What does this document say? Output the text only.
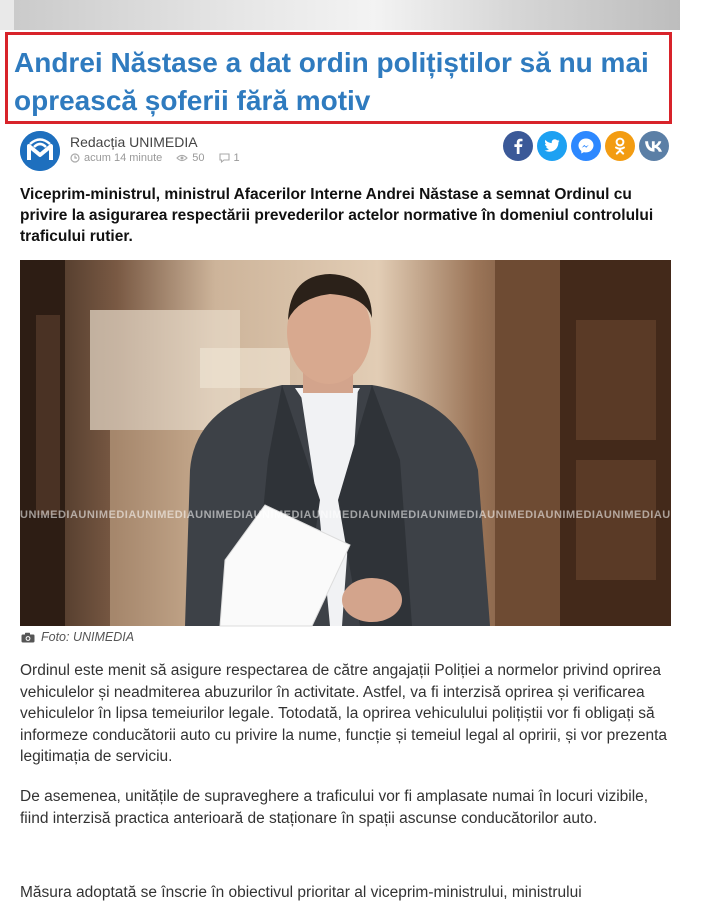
Andrei Năstase a dat ordin polițiștilor să nu mai oprească șoferii fără motiv
Redacția UNIMEDIA
acum 14 minute	50	1

Viceprim-ministrul, ministrul Afacerilor Interne Andrei Năstase a semnat Ordinul cu privire la asigurarea respectării prevederilor actelor normative în domeniul controlului traficului rutier.

UNIMEDIAUNIMEDIAUNIMEDIAUNIMEDIAUNIMEDIAUNIMEDIAUNIMEDIAUNIMEDIAUNIMEDIAUNIMEDIAUNIMEDIAUNIMEDIA
Foto: UNIMEDIA

Ordinul este menit să asigure respectarea de către angajații Poliției a normelor privind oprirea vehiculelor și neadmiterea abuzurilor în activitate. Astfel, va fi interzisă oprirea și verificarea vehiculelor în lipsa temeiurilor legale. Totodată, la oprirea vehiculului polițiștii vor fi obligați să informeze conducătorii auto cu privire la nume, funcție și temeiul legal al opririi, și vor prezenta legitimația de serviciu.

De asemenea, unitățile de supraveghere a traficului vor fi amplasate numai în locuri vizibile, fiind interzisă practica anterioară de staționare în spații ascunse conducătorilor auto.

Măsura adoptată se înscrie în obiectivul prioritar al viceprim-ministrului, ministrului
